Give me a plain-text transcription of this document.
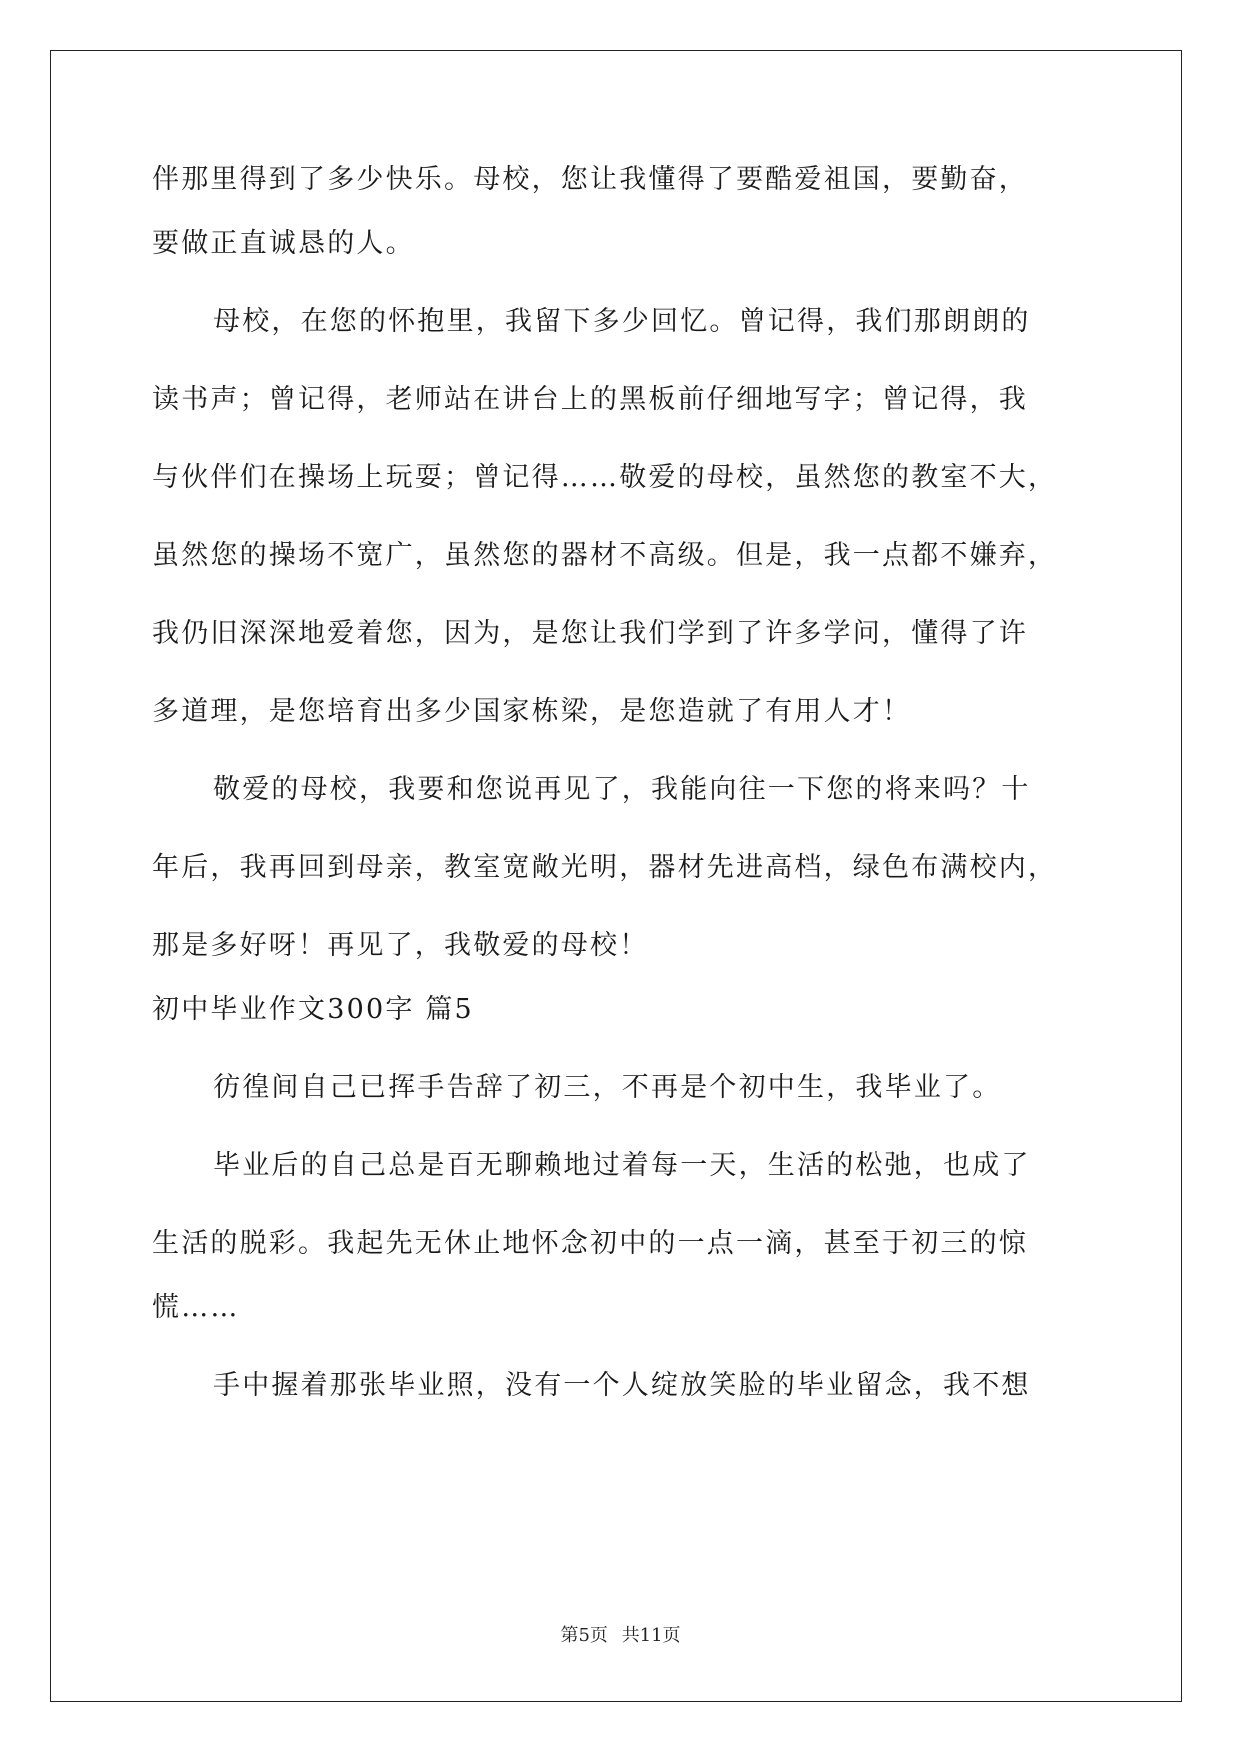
伴那里得到了多少快乐。母校，您让我懂得了要酷爱祖国，要勤奋，
要做正直诚恳的人。
母校，在您的怀抱里，我留下多少回忆。曾记得，我们那朗朗的
读书声；曾记得，老师站在讲台上的黑板前仔细地写字；曾记得，我
与伙伴们在操场上玩耍；曾记得……敬爱的母校，虽然您的教室不大，
虽然您的操场不宽广，虽然您的器材不高级。但是，我一点都不嫌弃，
我仍旧深深地爱着您，因为，是您让我们学到了许多学问，懂得了许
多道理，是您培育出多少国家栋梁，是您造就了有用人才！
敬爱的母校，我要和您说再见了，我能向往一下您的将来吗？十
年后，我再回到母亲，教室宽敞光明，器材先进高档，绿色布满校内，
那是多好呀！再见了，我敬爱的母校！
初中毕业作文300字 篇5
彷徨间自己已挥手告辞了初三，不再是个初中生，我毕业了。
毕业后的自己总是百无聊赖地过着每一天，生活的松弛，也成了
生活的脱彩。我起先无休止地怀念初中的一点一滴，甚至于初三的惊
慌……
手中握着那张毕业照，没有一个人绽放笑脸的毕业留念，我不想
第5页 共11页
